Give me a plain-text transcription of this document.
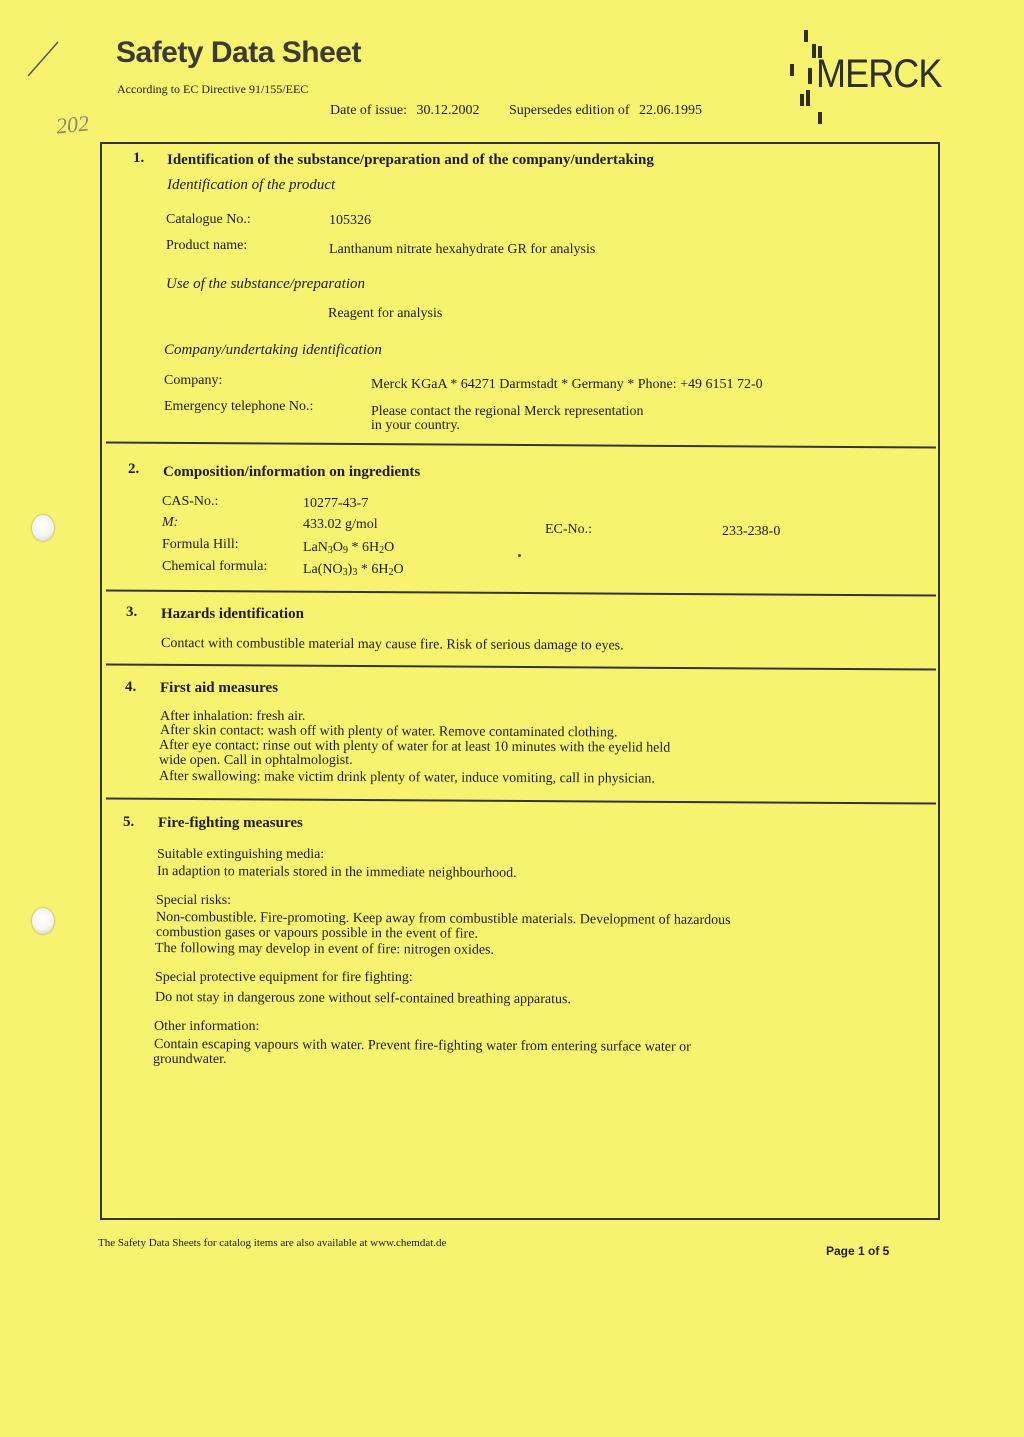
202
Safety Data Sheet
According to EC Directive 91/155/EEC
Date of issue: 30.12.2002 Supersedes edition of 22.06.1995
MERCK
1. Identification of the substance/preparation and of the company/undertaking
Identification of the product
Catalogue No.:	105326
Product name:	Lanthanum nitrate hexahydrate GR for analysis
Use of the substance/preparation
Reagent for analysis
Company/undertaking identification
Company:	Merck KGaA * 64271 Darmstadt * Germany * Phone: +49 6151 72-0
Emergency telephone No.:	Please contact the regional Merck representation
in your country.
2. Composition/information on ingredients
CAS-No.:	10277-43-7
M:	433.02 g/mol	EC-No.:	233-238-0
Formula Hill:	$LaN_3O_9 * 6H_2O$
Chemical formula:	$La(NO_3)_3 * 6H_2O$
3. Hazards identification
Contact with combustible material may cause fire. Risk of serious damage to eyes.
4. First aid measures
After inhalation: fresh air.
After skin contact: wash off with plenty of water. Remove contaminated clothing.
After eye contact: rinse out with plenty of water for at least 10 minutes with the eyelid held
wide open. Call in ophtalmologist.
After swallowing: make victim drink plenty of water, induce vomiting, call in physician.
5. Fire-fighting measures
Suitable extinguishing media:
In adaption to materials stored in the immediate neighbourhood.
Special risks:
Non-combustible. Fire-promoting. Keep away from combustible materials. Development of hazardous
combustion gases or vapours possible in the event of fire.
The following may develop in event of fire: nitrogen oxides.
Special protective equipment for fire fighting:
Do not stay in dangerous zone without self-contained breathing apparatus.
Other information:
Contain escaping vapours with water. Prevent fire-fighting water from entering surface water or
groundwater.
The Safety Data Sheets for catalog items are also available at www.chemdat.de
Page 1 of 5
